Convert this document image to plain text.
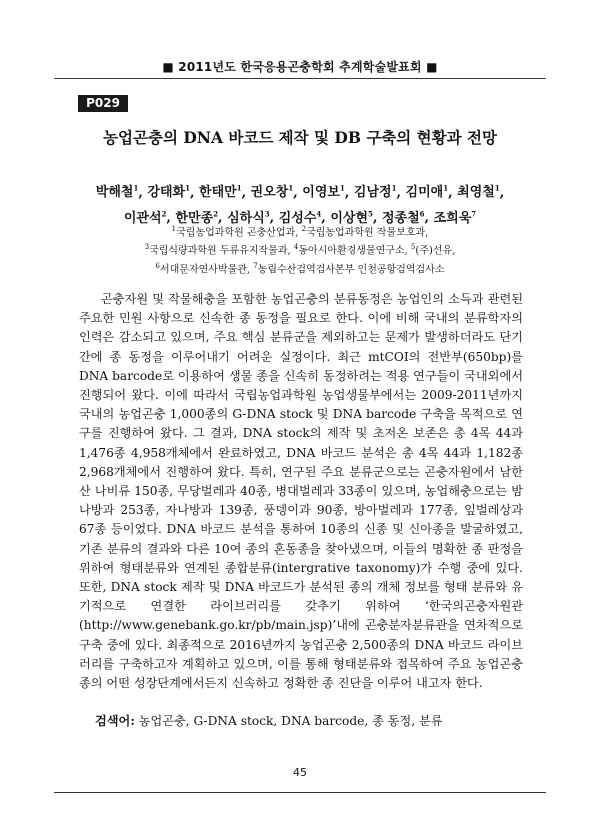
■ 2011년도 한국응용곤충학회 추계학술발표회 ■
P029
농업곤충의 DNA 바코드 제작 및 DB 구축의 현황과 전망
박해철$^1$, 강태화$^1$, 한태만$^1$, 권오창$^1$, 이영보$^1$, 김남정$^1$, 김미애$^1$, 최영철$^1$,
이관석$^2$, 한만종$^2$, 심하식$^3$, 김성수$^4$, 이상현$^5$, 정종철$^6$, 조희욱$^7$
$^1$국립농업과학원 곤충산업과, $^2$국립농업과학원 작물보호과,
$^3$국립식량과학원 두류유지작물과, $^4$동아시아환경생물연구소, $^5$(주)선유,
$^6$서대문자연사박물관, $^7$농림수산검역검사본부 인천공항검역검사소

곤충자원 및 작물해충을 포함한 농업곤충의 분류동정은 농업인의 소득과 관련된 주요한 민원 사항으로 신속한 종 동정을 필요로 한다. 이에 비해 국내의 분류학자의 인력은 감소되고 있으며, 주요 핵심 분류군을 제외하고는 문제가 발생하더라도 단기간에 종 동정을 이루어내기 어려운 실정이다. 최근 mtCOI의 전반부(650bp)를 DNA barcode로 이용하여 생물 종을 신속히 동정하려는 적용 연구들이 국내외에서 진행되어 왔다. 이에 따라서 국립농업과학원 농업생물부에서는 2009-2011년까지 국내의 농업곤충 1,000종의 G-DNA stock 및 DNA barcode 구축을 목적으로 연구를 진행하여 왔다. 그 결과, DNA stock의 제작 및 초저온 보존은 총 4목 44과 1,476종 4,958개체에서 완료하였고, DNA 바코드 분석은 총 4목 44과 1,182종 2,968개체에서 진행하여 왔다. 특히, 연구된 주요 분류군으로는 곤충자원에서 남한산 나비류 150종, 무당벌레과 40종, 병대벌레과 33종이 있으며, 농업해충으로는 밤나방과 253종, 자나방과 139종, 풍뎅이과 90종, 방아벌레과 177종, 잎벌레상과 67종 등이었다. DNA 바코드 분석을 통하여 10종의 신종 및 신아종을 발굴하였고, 기존 분류의 결과와 다른 10여 종의 혼동종을 찾아냈으며, 이들의 명확한 종 판정을 위하여 형태분류와 연계된 종합분류(intergrative taxonomy)가 수행 중에 있다. 또한, DNA stock 제작 및 DNA 바코드가 분석된 종의 개체 정보를 형태 분류와 유기적으로 연결한 라이브러리를 갖추기 위하여 ‘한국의곤충자원관(http://www.genebank.go.kr/pb/main.jsp)’내에 곤충분자분류관을 연차적으로 구축 중에 있다. 최종적으로 2016년까지 농업곤충 2,500종의 DNA 바코드 라이브러리를 구축하고자 계획하고 있으며, 이를 통해 형태분류와 접목하여 주요 농업곤충 종의 어떤 성장단계에서든지 신속하고 정확한 종 진단을 이루어 내고자 한다.

검색어: 농업곤충, G-DNA stock, DNA barcode, 종 동정, 분류
45
